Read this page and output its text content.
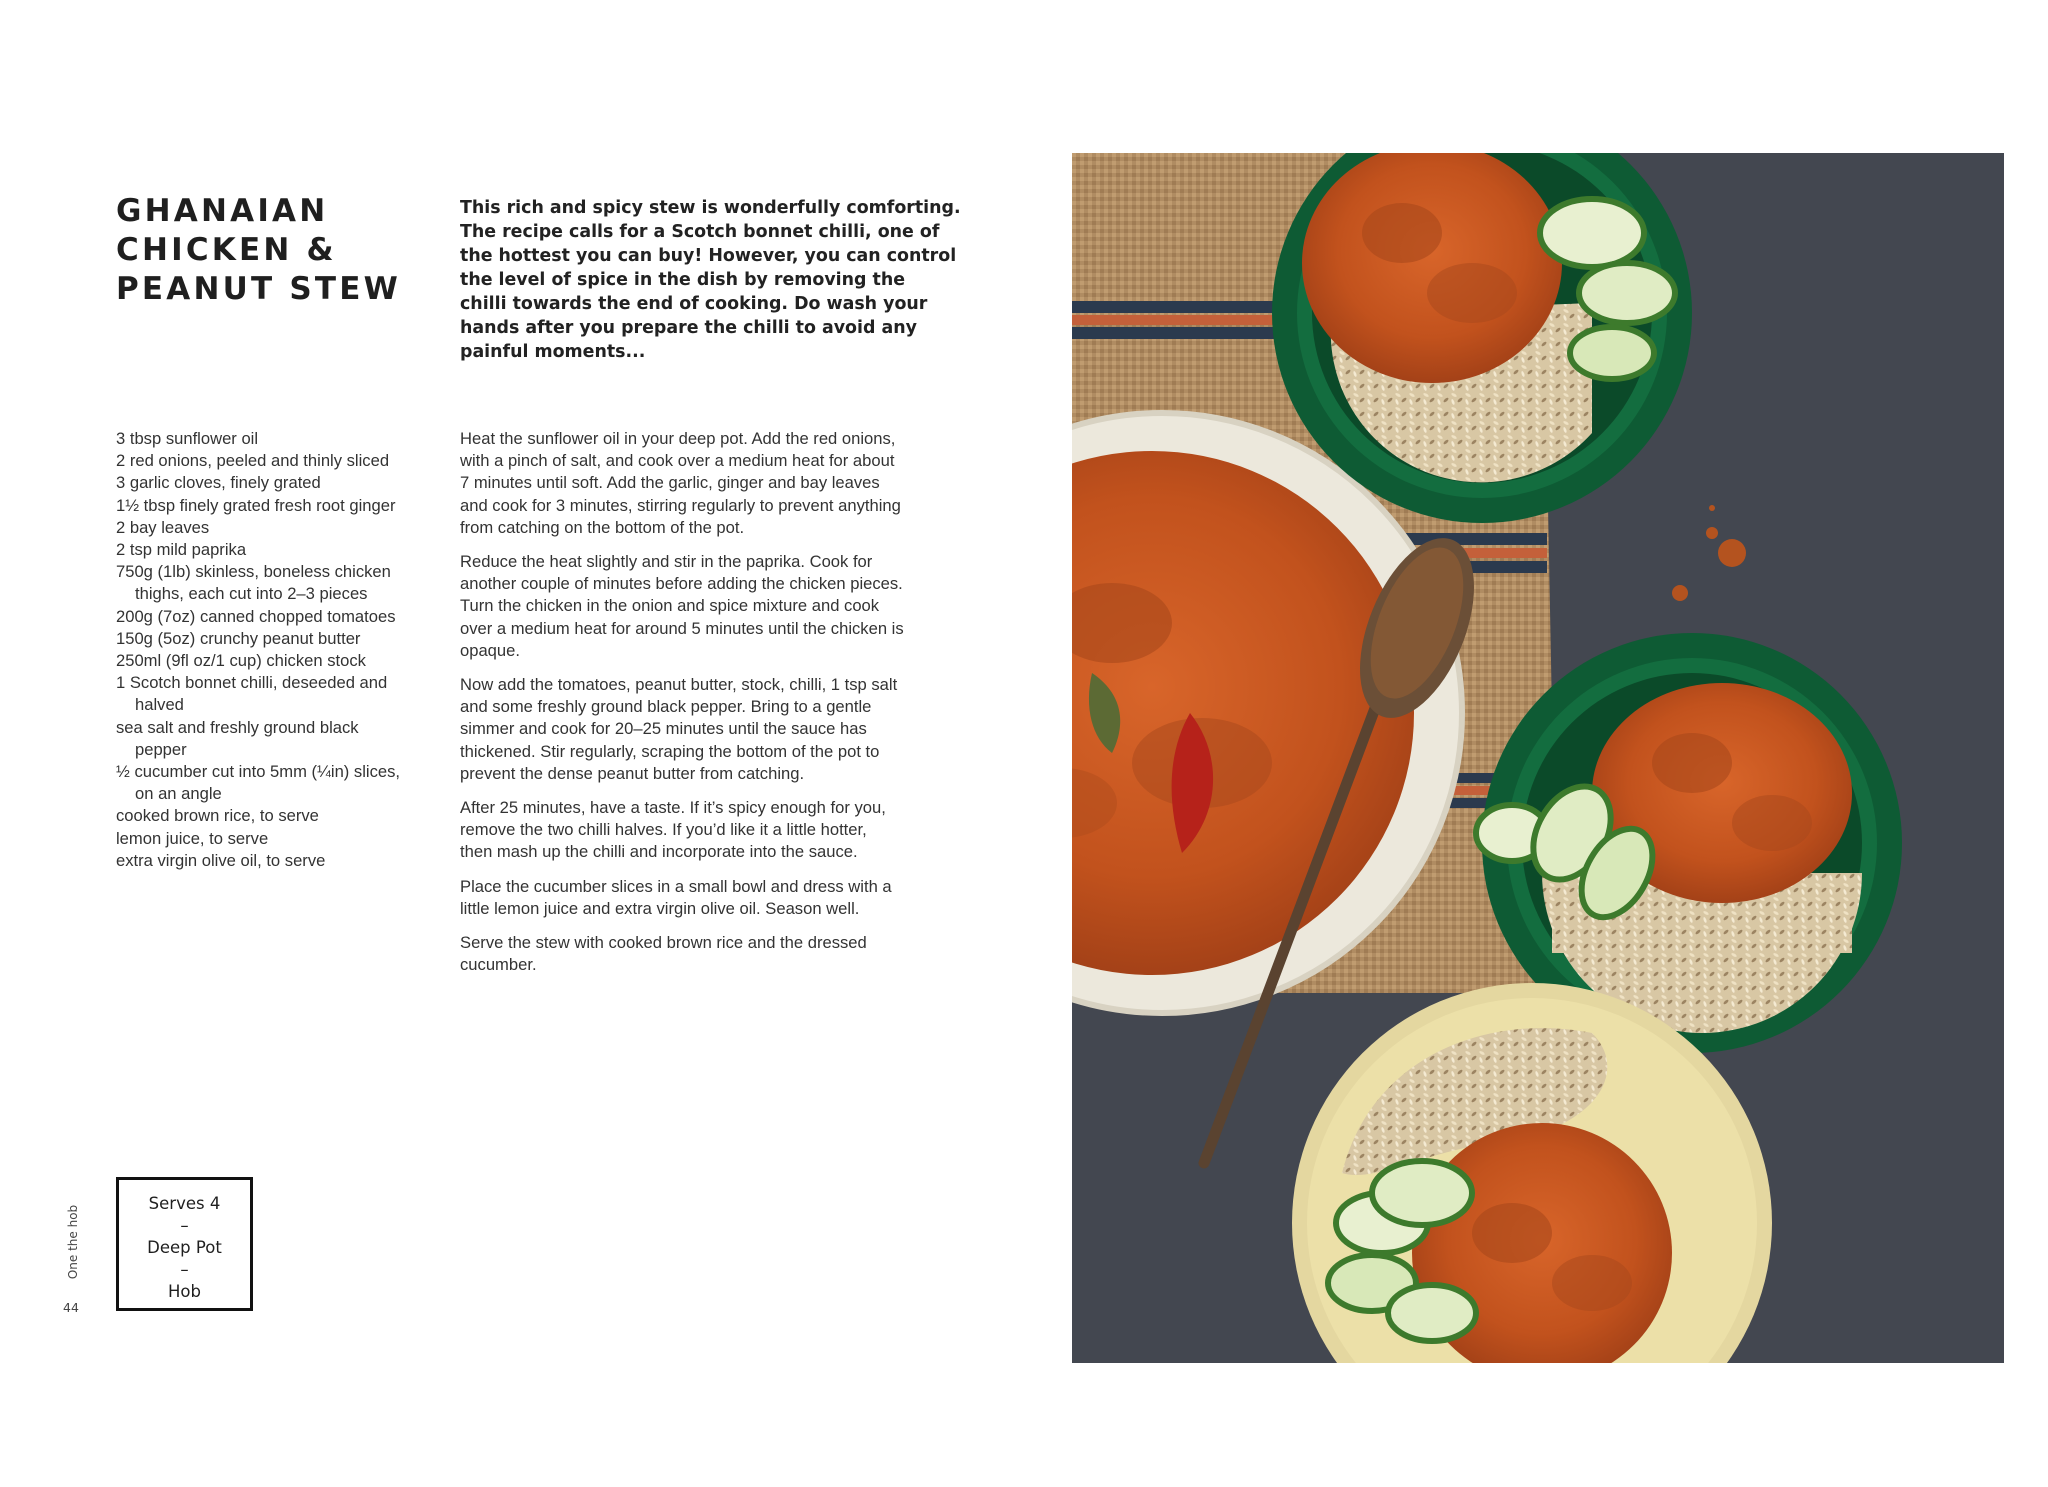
GHANAIAN
CHICKEN &
PEANUT STEW

This rich and spicy stew is wonderfully comforting.
The recipe calls for a Scotch bonnet chilli, one of
the hottest you can buy! However, you can control
the level of spice in the dish by removing the
chilli towards the end of cooking. Do wash your
hands after you prepare the chilli to avoid any
painful moments...

3 tbsp sunflower oil
2 red onions, peeled and thinly sliced
3 garlic cloves, finely grated
1½ tbsp finely grated fresh root ginger
2 bay leaves
2 tsp mild paprika
750g (1lb) skinless, boneless chicken
thighs, each cut into 2–3 pieces
200g (7oz) canned chopped tomatoes
150g (5oz) crunchy peanut butter
250ml (9fl oz/1 cup) chicken stock
1 Scotch bonnet chilli, deseeded and
halved
sea salt and freshly ground black
pepper
½ cucumber cut into 5mm (¼in) slices,
on an angle
cooked brown rice, to serve
lemon juice, to serve
extra virgin olive oil, to serve

Heat the sunflower oil in your deep pot. Add the red onions,
with a pinch of salt, and cook over a medium heat for about
7 minutes until soft. Add the garlic, ginger and bay leaves
and cook for 3 minutes, stirring regularly to prevent anything
from catching on the bottom of the pot.

Reduce the heat slightly and stir in the paprika. Cook for
another couple of minutes before adding the chicken pieces.
Turn the chicken in the onion and spice mixture and cook
over a medium heat for around 5 minutes until the chicken is
opaque.

Now add the tomatoes, peanut butter, stock, chilli, 1 tsp salt
and some freshly ground black pepper. Bring to a gentle
simmer and cook for 20–25 minutes until the sauce has
thickened. Stir regularly, scraping the bottom of the pot to
prevent the dense peanut butter from catching.

After 25 minutes, have a taste. If it’s spicy enough for you,
remove the two chilli halves. If you’d like it a little hotter,
then mash up the chilli and incorporate into the sauce.

Place the cucumber slices in a small bowl and dress with a
little lemon juice and extra virgin olive oil. Season well.

Serve the stew with cooked brown rice and the dressed
cucumber.

Serves 4
–
Deep Pot
–
Hob
One the hob
44
